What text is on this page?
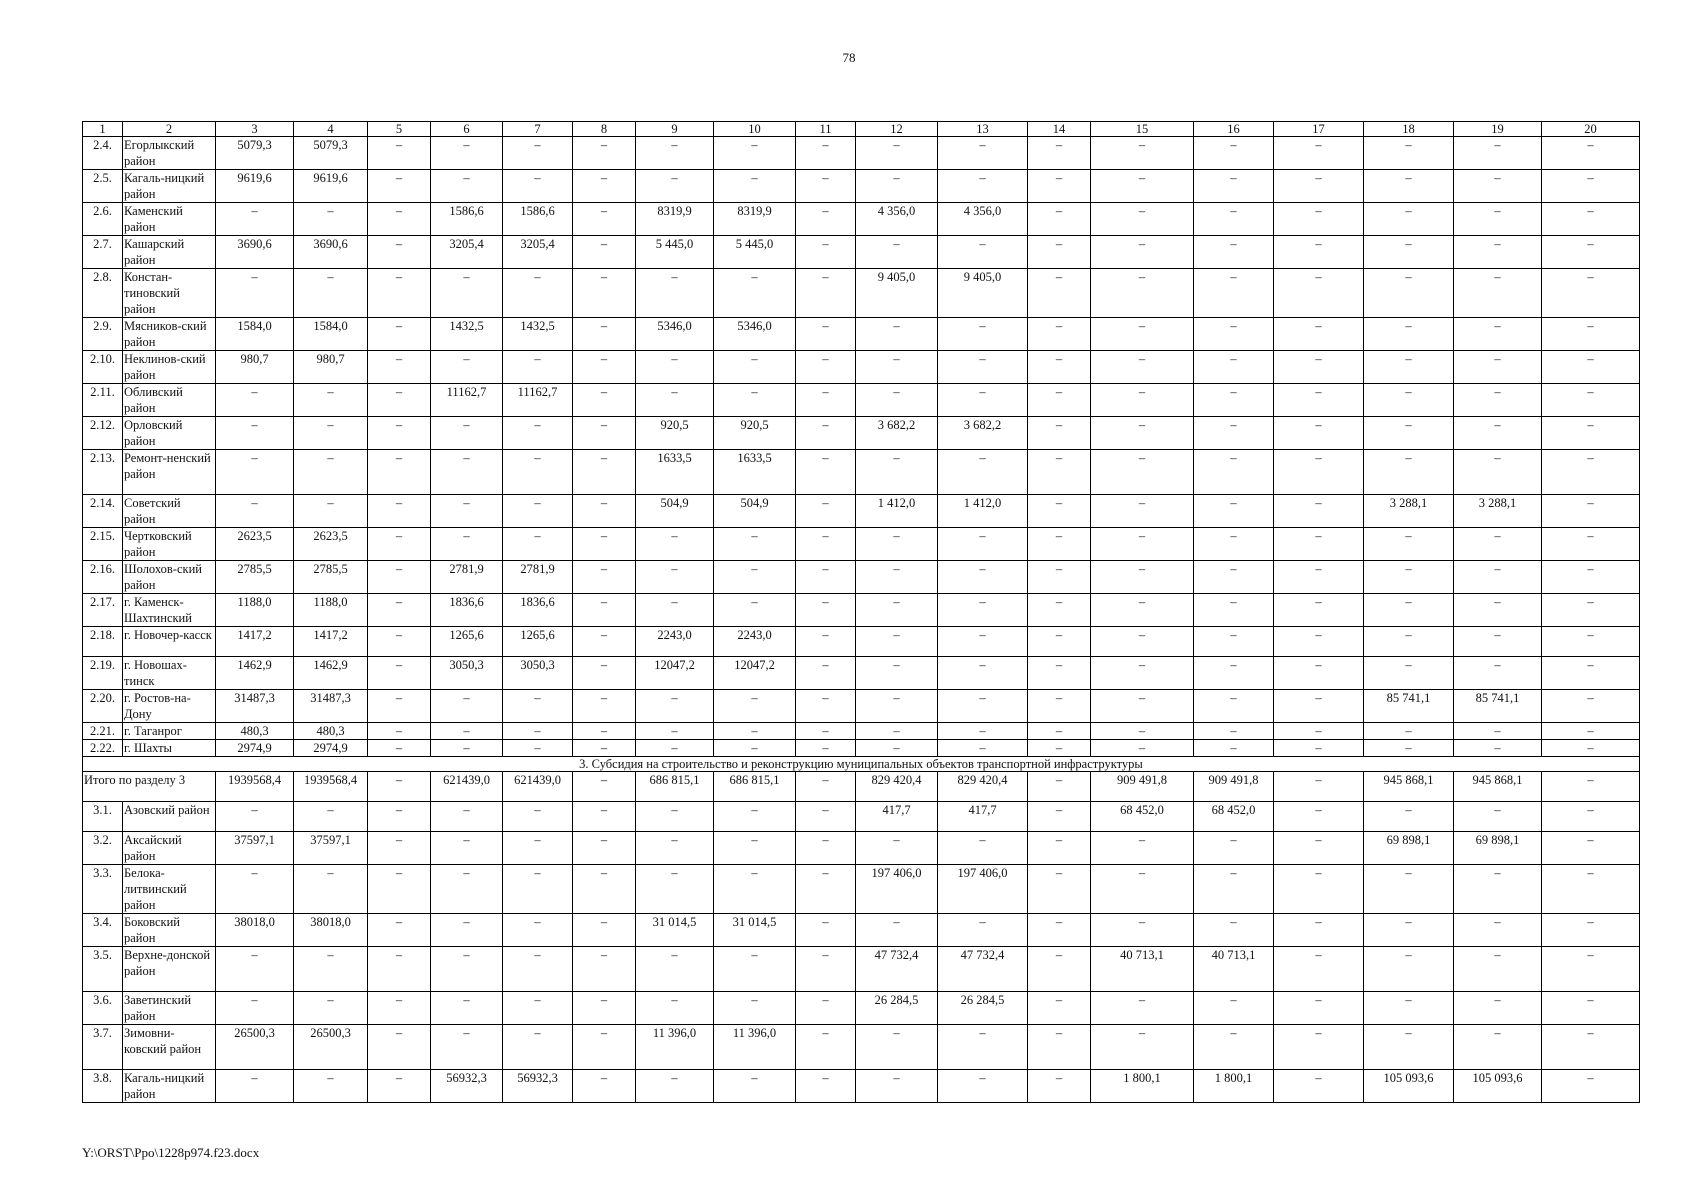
78
1	2	3	4	5	6	7	8	9	10	11	12	13	14	15	16	17	18	19	20
2.4.	Егорлыкский район	5079,3	5079,3	–	–	–	–	–	–	–	–	–	–	–	–	–	–	–	–
2.5.	Кагаль-ницкий район	9619,6	9619,6	–	–	–	–	–	–	–	–	–	–	–	–	–	–	–	–
2.6.	Каменский район	–	–	–	1586,6	1586,6	–	8319,9	8319,9	–	4 356,0	4 356,0	–	–	–	–	–	–	–
2.7.	Кашарский район	3690,6	3690,6	–	3205,4	3205,4	–	5 445,0	5 445,0	–	–	–	–	–	–	–	–	–	–
2.8.	Констан-тиновский район	–	–	–	–	–	–	–	–	–	9 405,0	9 405,0	–	–	–	–	–	–	–
2.9.	Мясников-ский район	1584,0	1584,0	–	1432,5	1432,5	–	5346,0	5346,0	–	–	–	–	–	–	–	–	–	–
2.10.	Неклинов-ский район	980,7	980,7	–	–	–	–	–	–	–	–	–	–	–	–	–	–	–	–
2.11.	Обливский район	–	–	–	11162,7	11162,7	–	–	–	–	–	–	–	–	–	–	–	–	–
2.12.	Орловский район	–	–	–	–	–	–	920,5	920,5	–	3 682,2	3 682,2	–	–	–	–	–	–	–
2.13.	Ремонт-ненский район	–	–	–	–	–	–	1633,5	1633,5	–	–	–	–	–	–	–	–	–	–
2.14.	Советский район	–	–	–	–	–	–	504,9	504,9	–	1 412,0	1 412,0	–	–	–	–	3 288,1	3 288,1	–
2.15.	Чертковский район	2623,5	2623,5	–	–	–	–	–	–	–	–	–	–	–	–	–	–	–	–
2.16.	Шолохов-ский район	2785,5	2785,5	–	2781,9	2781,9	–	–	–	–	–	–	–	–	–	–	–	–	–
2.17.	г. Каменск-Шахтинский	1188,0	1188,0	–	1836,6	1836,6	–	–	–	–	–	–	–	–	–	–	–	–	–
2.18.	г. Новочер-касск	1417,2	1417,2	–	1265,6	1265,6	–	2243,0	2243,0	–	–	–	–	–	–	–	–	–	–
2.19.	г. Новошах-тинск	1462,9	1462,9	–	3050,3	3050,3	–	12047,2	12047,2	–	–	–	–	–	–	–	–	–	–
2.20.	г. Ростов-на-Дону	31487,3	31487,3	–	–	–	–	–	–	–	–	–	–	–	–	–	85 741,1	85 741,1	–
2.21.	г. Таганрог	480,3	480,3	–	–	–	–	–	–	–	–	–	–	–	–	–	–	–	–
2.22.	г. Шахты	2974,9	2974,9	–	–	–	–	–	–	–	–	–	–	–	–	–	–	–	–
3. Субсидия на строительство и реконструкцию муниципальных объектов транспортной инфраструктуры																			
Итого по разделу 3		1939568,4	1939568,4	–	621439,0	621439,0	–	686 815,1	686 815,1	–	829 420,4	829 420,4	–	909 491,8	909 491,8	–	945 868,1	945 868,1	–
3.1.	Азовский район	–	–	–	–	–	–	–	–	–	417,7	417,7	–	68 452,0	68 452,0	–	–	–	–
3.2.	Аксайский район	37597,1	37597,1	–	–	–	–	–	–	–	–	–	–	–	–	–	69 898,1	69 898,1	–
3.3.	Белока-литвинский район	–	–	–	–	–	–	–	–	–	197 406,0	197 406,0	–	–	–	–	–	–	–
3.4.	Боковский район	38018,0	38018,0	–	–	–	–	31 014,5	31 014,5	–	–	–	–	–	–	–	–	–	–
3.5.	Верхне-донской район	–	–	–	–	–	–	–	–	–	47 732,4	47 732,4	–	40 713,1	40 713,1	–	–	–	–
3.6.	Заветинский район	–	–	–	–	–	–	–	–	–	26 284,5	26 284,5	–	–	–	–	–	–	–
3.7.	Зимовни-ковский район	26500,3	26500,3	–	–	–	–	11 396,0	11 396,0	–	–	–	–	–	–	–	–	–	–
3.8.	Кагаль-ницкий район	–	–	–	56932,3	56932,3	–	–	–	–	–	–	–	1 800,1	1 800,1	–	105 093,6	105 093,6	–
Y:\ORST\Ppo\1228p974.f23.docx
